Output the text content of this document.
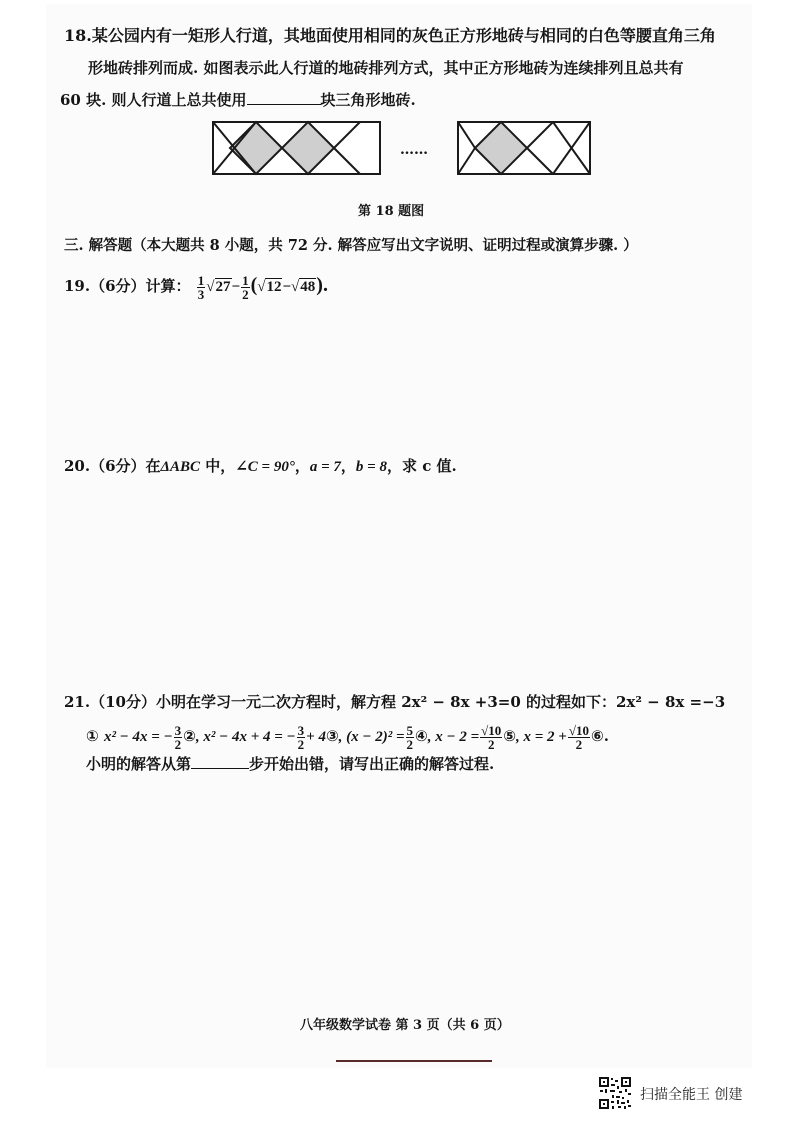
18.某公园内有一矩形人行道，其地面使用相同的灰色正方形地砖与相同的白色等腰直角三角
形地砖排列而成. 如图表示此人行道的地砖排列方式，其中正方形地砖为连续排列且总共有
60 块. 则人行道上总共使用	块三角形地砖.
……
第 18 题图
三. 解答题（本大题共 8 小题，共 72 分. 解答应写出文字说明、证明过程或演算步骤. ）
19.（6分）计算： $\frac{1}{3} √27- \frac{1}{2} (√12-√48)$.
20.（6分）在ΔABC 中，∠C = 90°，a = 7，b = 8，求 c 值.
21.（10分）小明在学习一元二次方程时，解方程 2x² − 8x +3=0 的过程如下：2x² − 8x =−3
① x² − 4x = − $\frac{3}{2}$ ②, x² − 4x + 4 = − $\frac{3}{2}$ + 4③, $(x - 2)^2 = \frac{5}{2}$ ④, $x - 2 = \frac{√10}{2}$ ⑤, $x = 2 + \frac{√10}{2}$ ⑥.
小明的解答从第	步开始出错，请写出正确的解答过程.
八年级数学试卷 第 3 页（共 6 页）
扫描全能王 创建
